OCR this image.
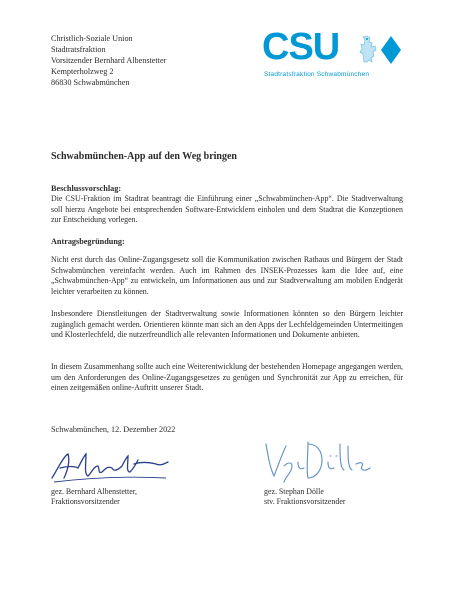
Christlich-Soziale Union
Stadtratsfraktion
Vorsitzender Bernhard Albenstetter
Kempterholzweg 2
86830 Schwabmünchen
CSU
Stadtratsfraktion Schwabmünchen
Schwabmünchen-App auf den Weg bringen
Beschlussvorschlag:
Die CSU-Fraktion im Stadtrat beantragt die Einführung einer „Schwabmünchen-App“. Die Stadtverwaltung soll hierzu Angebote bei entsprechenden Software-Entwicklern einholen und dem Stadtrat die Konzeptionen zur Entscheidung vorlegen.
Antragsbegründung:
Nicht erst durch das Online-Zugangsgesetz soll die Kommunikation zwischen Rathaus und Bürgern der Stadt Schwabmünchen vereinfacht werden. Auch im Rahmen des INSEK-Prozesses kam die Idee auf, eine „Schwabmünchen-App“ zu entwickeln, um Informationen aus und zur Stadtverwaltung am mobilen Endgerät leichter verarbeiten zu können.
Insbesondere Dienstleitungen der Stadtverwaltung sowie Informationen könnten so den Bürgern leichter zugänglich gemacht werden. Orientieren könnte man sich an den Apps der Lechfeldgemeinden Untermeitingen und Klosterlechfeld, die nutzerfreundlich alle relevanten Informationen und Dokumente anbieten.
In diesem Zusammenhang sollte auch eine Weiterentwicklung der bestehenden Homepage angegangen werden, um den Anforderungen des Online-Zugangsgesetzes zu genügen und Synchronität zur App zu erreichen, für einen zeitgemäßen online-Auftritt unserer Stadt.
Schwabmünchen, 12. Dezember 2022
gez. Bernhard Albenstetter,
Fraktionsvorsitzender
gez. Stephan Dölle
stv. Fraktionsvorsitzender
